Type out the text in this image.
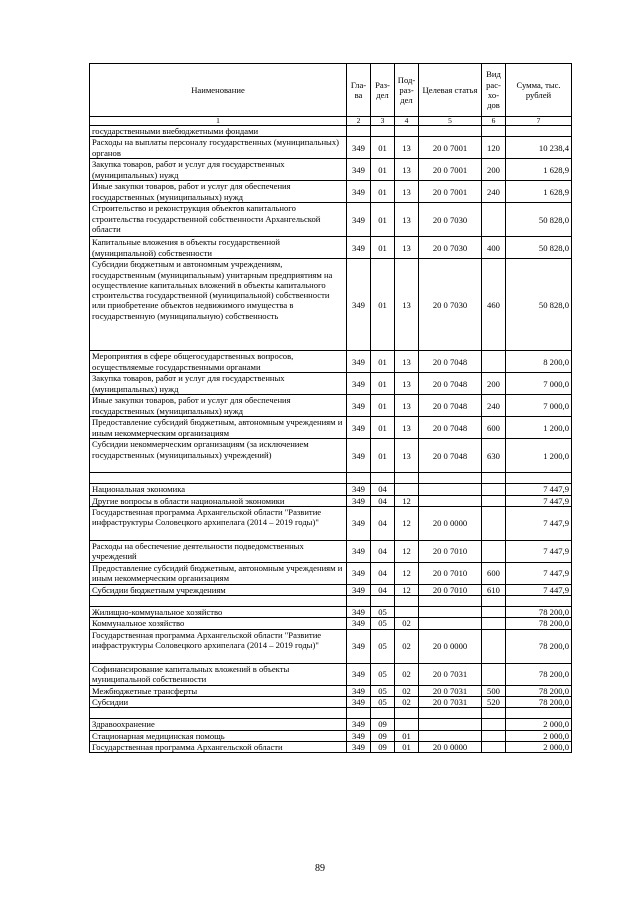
Наименование	Гла-ва	Раз-дел	Под-раз-дел	Целевая статья	Вид рас-хо-дов	Сумма, тыс. рублей
1	2	3	4	5	6	7
государственными внебюджетными фондами						
Расходы на выплаты персоналу государственных (муниципальных) органов	349	01	13	20 0 7001	120	10 238,4
Закупка товаров, работ и услуг для государственных (муниципальных) нужд	349	01	13	20 0 7001	200	1 628,9
Иные закупки товаров, работ и услуг для обеспечения государственных (муниципальных) нужд	349	01	13	20 0 7001	240	1 628,9
Строительство и реконструкция объектов капитального строительства государственной собственности Архангельской области	349	01	13	20 0 7030		50 828,0
Капитальные вложения в объекты государственной (муниципальной) собственности	349	01	13	20 0 7030	400	50 828,0
Субсидии бюджетным и автономным учреждениям, государственным (муниципальным) унитарным предприятиям на осуществление капитальных вложений в объекты капитального строительства государственной (муниципальной) собственности или приобретение объектов недвижимого имущества в государственную (муниципальную) собственность	349	01	13	20 0 7030	460	50 828,0
Мероприятия в сфере общегосударственных вопросов, осуществляемые государственными органами	349	01	13	20 0 7048		8 200,0
Закупка товаров, работ и услуг для государственных (муниципальных) нужд	349	01	13	20 0 7048	200	7 000,0
Иные закупки товаров, работ и услуг для обеспечения государственных (муниципальных) нужд	349	01	13	20 0 7048	240	7 000,0
Предоставление субсидий бюджетным, автономным учреждениям и иным некоммерческим организациям	349	01	13	20 0 7048	600	1 200,0
Субсидии некоммерческим организациям (за исключением государственных (муниципальных) учреждений)	349	01	13	20 0 7048	630	1 200,0

Национальная экономика	349	04				7 447,9
Другие вопросы в области национальной экономики	349	04	12			7 447,9
Государственная программа Архангельской области "Развитие инфраструктуры Соловецкого архипелага (2014 – 2019 годы)"	349	04	12	20 0 0000		7 447,9
Расходы на обеспечение деятельности подведомственных учреждений	349	04	12	20 0 7010		7 447,9
Предоставление субсидий бюджетным, автономным учреждениям и иным некоммерческим организациям	349	04	12	20 0 7010	600	7 447,9
Субсидии бюджетным учреждениям	349	04	12	20 0 7010	610	7 447,9

Жилищно-коммунальное хозяйство	349	05				78 200,0
Коммунальное хозяйство	349	05	02			78 200,0
Государственная программа Архангельской области "Развитие инфраструктуры Соловецкого архипелага (2014 – 2019 годы)"	349	05	02	20 0 0000		78 200,0
Софинансирование капитальных вложений в объекты муниципальной собственности	349	05	02	20 0 7031		78 200,0
Межбюджетные трансферты	349	05	02	20 0 7031	500	78 200,0
Субсидии	349	05	02	20 0 7031	520	78 200,0

Здравоохранение	349	09				2 000,0
Стационарная медицинская помощь	349	09	01			2 000,0
Государственная программа Архангельской области	349	09	01	20 0 0000		2 000,0
89
